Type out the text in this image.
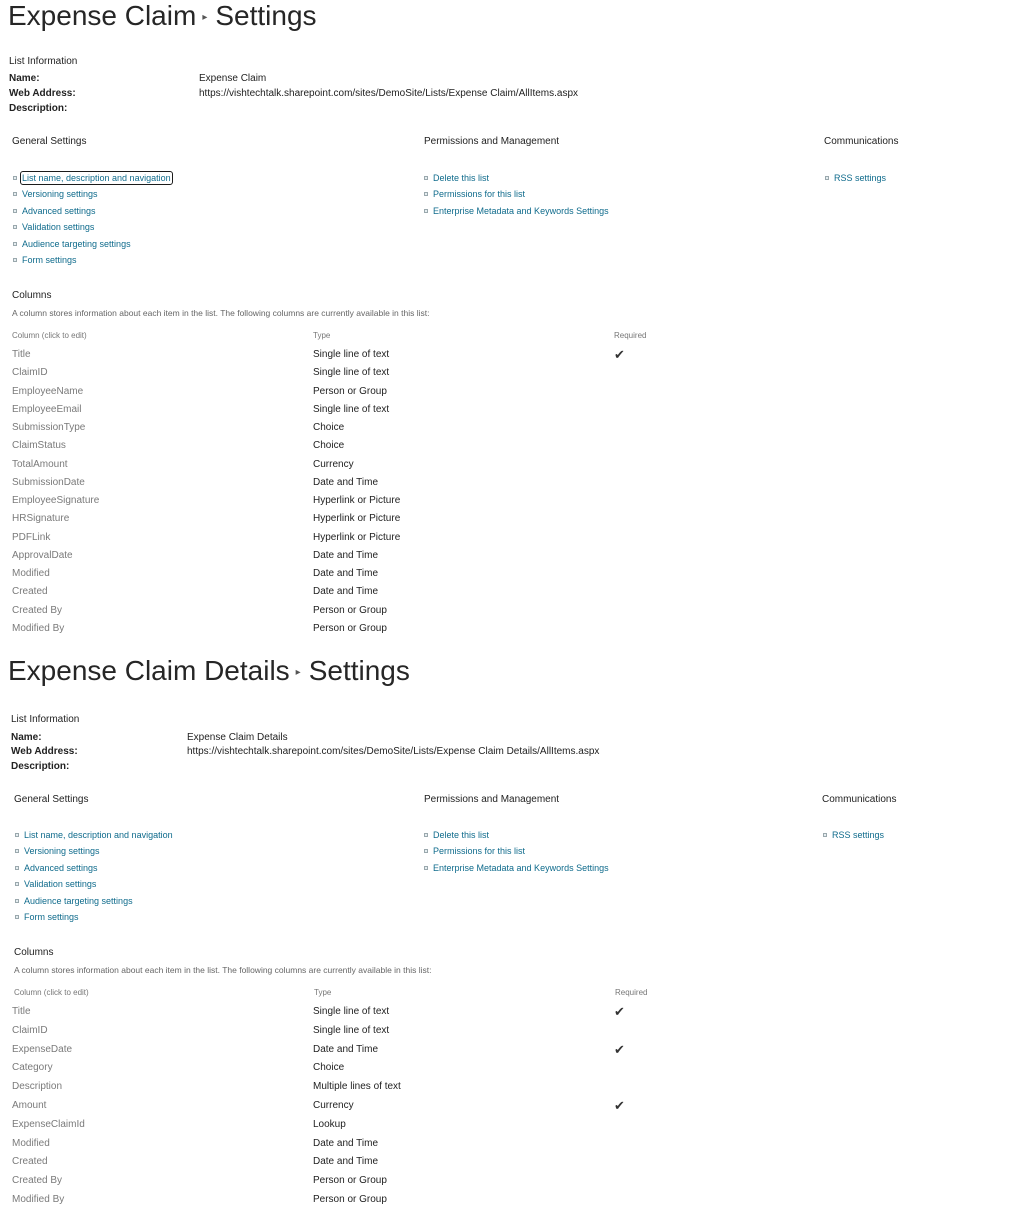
Expense Claim ▸ Settings
List Information
Name:	Expense Claim
Web Address:	https://vishtechtalk.sharepoint.com/sites/DemoSite/Lists/Expense Claim/AllItems.aspx
Description:
General Settings	Permissions and Management	Communications
List name, description and navigation
Versioning settings
Advanced settings
Validation settings
Audience targeting settings
Form settings
Delete this list
Permissions for this list
Enterprise Metadata and Keywords Settings
RSS settings
Columns
A column stores information about each item in the list. The following columns are currently available in this list:
Column (click to edit)	Type	Required
Title	Single line of text	✔
ClaimID	Single line of text
EmployeeName	Person or Group
EmployeeEmail	Single line of text
SubmissionType	Choice
ClaimStatus	Choice
TotalAmount	Currency
SubmissionDate	Date and Time
EmployeeSignature	Hyperlink or Picture
HRSignature	Hyperlink or Picture
PDFLink	Hyperlink or Picture
ApprovalDate	Date and Time
Modified	Date and Time
Created	Date and Time
Created By	Person or Group
Modified By	Person or Group
Expense Claim Details ▸ Settings
List Information
Name:	Expense Claim Details
Web Address:	https://vishtechtalk.sharepoint.com/sites/DemoSite/Lists/Expense Claim Details/AllItems.aspx
Description:
General Settings	Permissions and Management	Communications
List name, description and navigation
Versioning settings
Advanced settings
Validation settings
Audience targeting settings
Form settings
Delete this list
Permissions for this list
Enterprise Metadata and Keywords Settings
RSS settings
Columns
A column stores information about each item in the list. The following columns are currently available in this list:
Column (click to edit)	Type	Required
Title	Single line of text	✔
ClaimID	Single line of text
ExpenseDate	Date and Time	✔
Category	Choice
Description	Multiple lines of text
Amount	Currency	✔
ExpenseClaimId	Lookup
Modified	Date and Time
Created	Date and Time
Created By	Person or Group
Modified By	Person or Group
